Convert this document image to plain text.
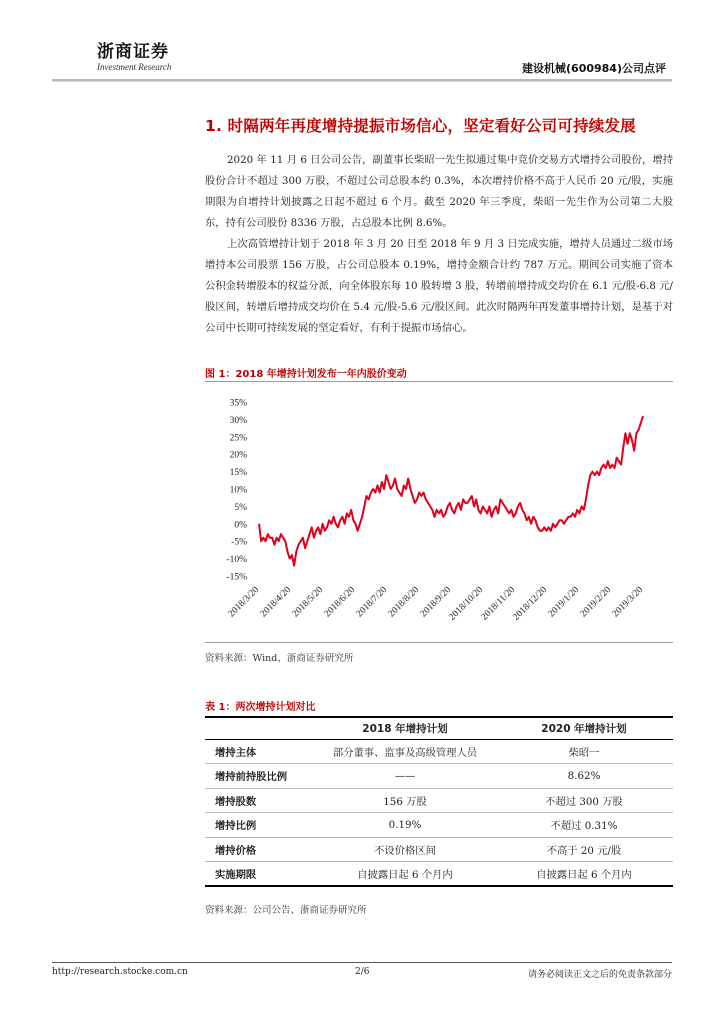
浙商证券
Investment Research	建设机械(600984)公司点评
1. 时隔两年再度增持提振市场信心，坚定看好公司可持续发展

2020 年 11 月 6 日公司公告，副董事长柴昭一先生拟通过集中竞价交易方式增持公司股份，增持股份合计不超过 300 万股，不超过公司总股本约 0.3%，本次增持价格不高于人民币 20 元/股，实施期限为自增持计划披露之日起不超过 6 个月。截至 2020 年三季度，柴昭一先生作为公司第二大股东，持有公司股份 8336 万股，占总股本比例 8.6%。

上次高管增持计划于 2018 年 3 月 20 日至 2018 年 9 月 3 日完成实施，增持人员通过二级市场增持本公司股票 156 万股，占公司总股本 0.19%，增持金额合计约 787 万元。期间公司实施了资本公积金转增股本的权益分派，向全体股东每 10 股转增 3 股，转增前增持成交均价在 6.1 元/股-6.8 元/股区间，转增后增持成交均价在 5.4 元/股-5.6 元/股区间。此次时隔两年再发董事增持计划，是基于对公司中长期可持续发展的坚定看好，有利于提振市场信心。

图 1：2018 年增持计划发布一年内股价变动
35%
30%
25%
20%
15%
10%
5%
0%
-5%
-10%
-15%
2018/3/20
2018/4/20
2018/5/20
2018/6/20
2018/7/20
2018/8/20
2018/9/20
2018/10/20
2018/11/20
2018/12/20
2019/1/20
2019/2/20
2019/3/20
资料来源：Wind、浙商证券研究所
表 1：两次增持计划对比
	2018 年增持计划	2020 年增持计划
增持主体	部分董事、监事及高级管理人员	柴昭一
增持前持股比例	——	8.62%
增持股数	156 万股	不超过 300 万股
增持比例	0.19%	不超过 0.31%
增持价格	不设价格区间	不高于 20 元/股
实施期限	自披露日起 6 个月内	自披露日起 6 个月内
资料来源：公司公告、浙商证券研究所
http://research.stocke.com.cn	2/6	请务必阅读正文之后的免责条款部分
